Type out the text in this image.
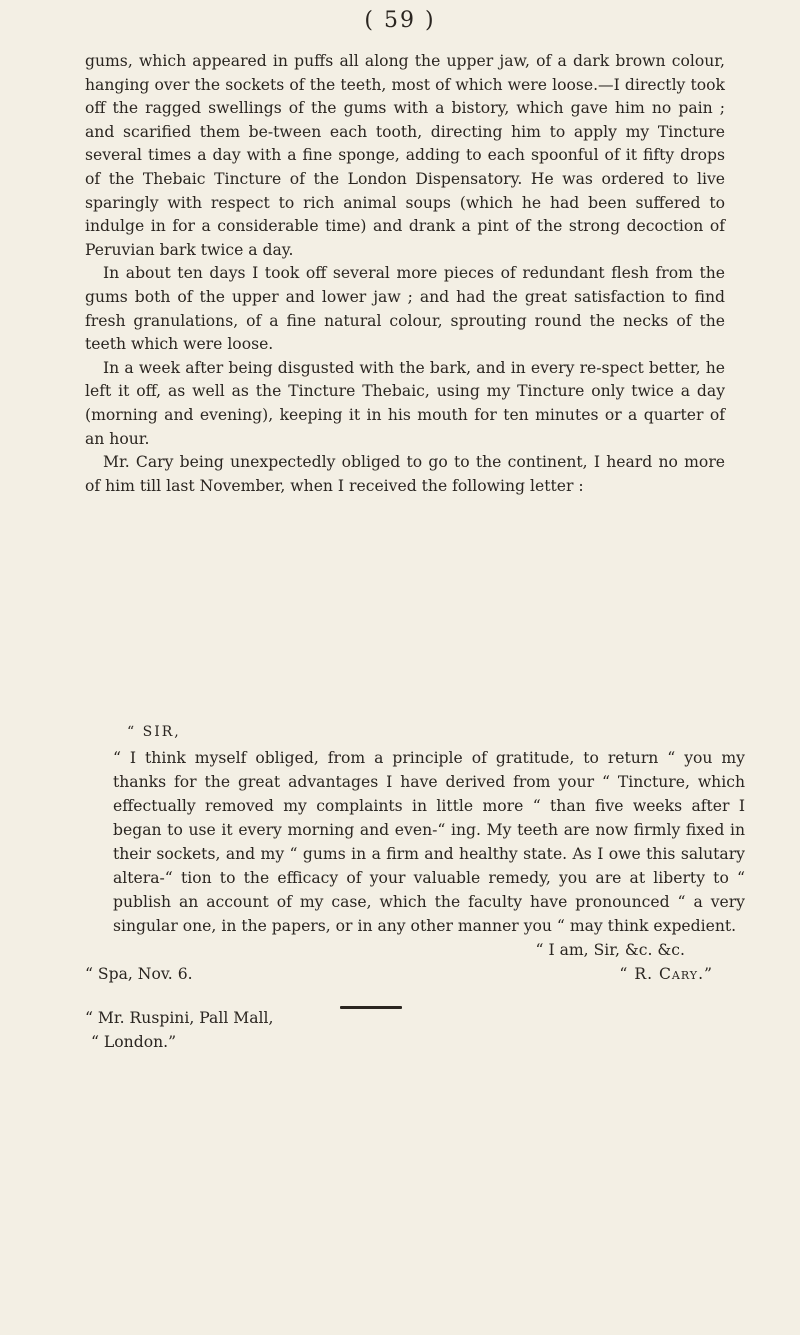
( 59 )

gums, which appeared in puffs all along the upper jaw, of a dark brown colour, hanging over the sockets of the teeth, most of which were loose.—I directly took off the ragged swellings of the gums with a bistory, which gave him no pain ; and scarified them be-tween each tooth, directing him to apply my Tincture several times a day with a fine sponge, adding to each spoonful of it fifty drops of the Thebaic Tincture of the London Dispensatory. He was ordered to live sparingly with respect to rich animal soups (which he had been suffered to indulge in for a considerable time) and drank a pint of the strong decoction of Peruvian bark twice a day.

In about ten days I took off several more pieces of redundant flesh from the gums both of the upper and lower jaw ; and had the great satisfaction to find fresh granulations, of a fine natural colour, sprouting round the necks of the teeth which were loose.

In a week after being disgusted with the bark, and in every re-spect better, he left it off, as well as the Tincture Thebaic, using my Tincture only twice a day (morning and evening), keeping it in his mouth for ten minutes or a quarter of an hour.

Mr. Cary being unexpectedly obliged to go to the continent, I heard no more of him till last November, when I received the following letter :

“ SIR,

“ I think myself obliged, from a principle of gratitude, to return “ you my thanks for the great advantages I have derived from your “ Tincture, which effectually removed my complaints in little more “ than five weeks after I began to use it every morning and even-“ ing. My teeth are now firmly fixed in their sockets, and my “ gums in a firm and healthy state. As I owe this salutary altera-“ tion to the efficacy of your valuable remedy, you are at liberty to “ publish an account of my case, which the faculty have pronounced “ a very singular one, in the papers, or in any other manner you “ may think expedient.

“ I am, Sir, &c. &c.

“ Spa, Nov. 6.	“ R. Cary.”
“ Mr. Ruspini, Pall Mall,
“ London.”
